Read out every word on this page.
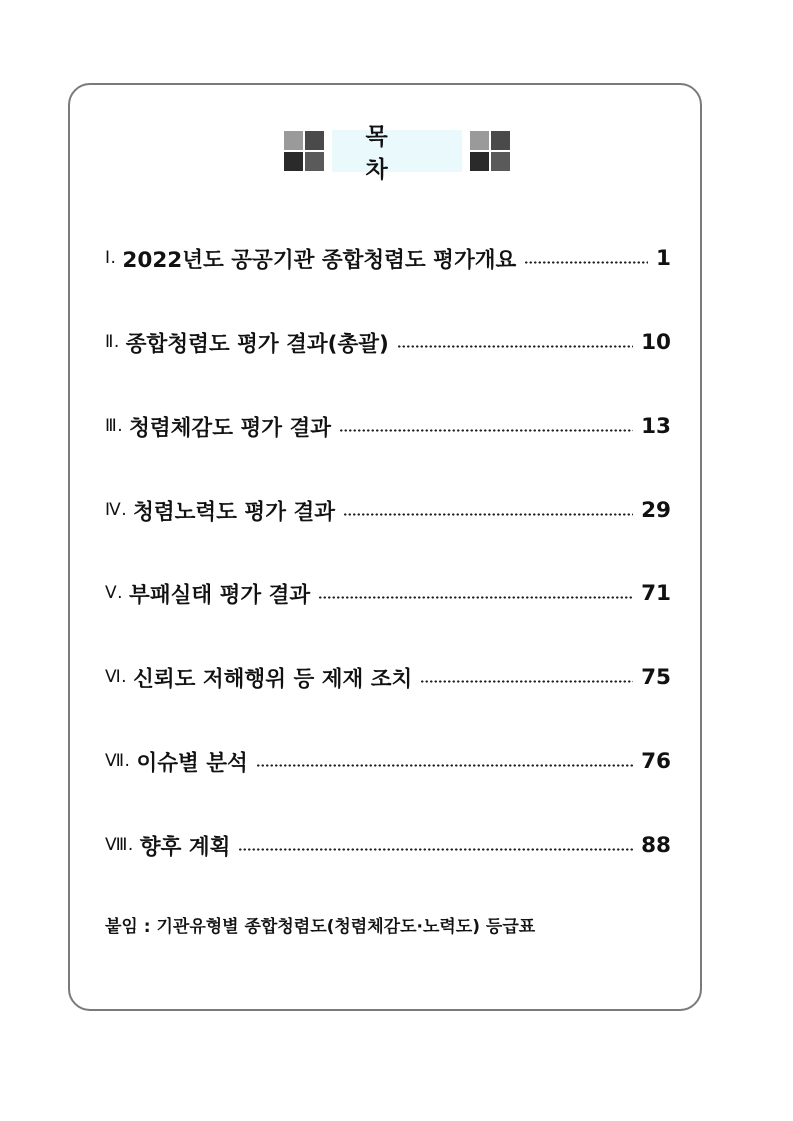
목 차
Ⅰ. 2022년도 공공기관 종합청렴도 평가개요	1
Ⅱ. 종합청렴도 평가 결과(총괄)	10
Ⅲ. 청렴체감도 평가 결과	13
Ⅳ. 청렴노력도 평가 결과	29
Ⅴ. 부패실태 평가 결과	71
Ⅵ. 신뢰도 저해행위 등 제재 조치	75
Ⅶ. 이슈별 분석	76
Ⅷ. 향후 계획	88
붙임 : 기관유형별 종합청렴도(청렴체감도·노력도) 등급표
